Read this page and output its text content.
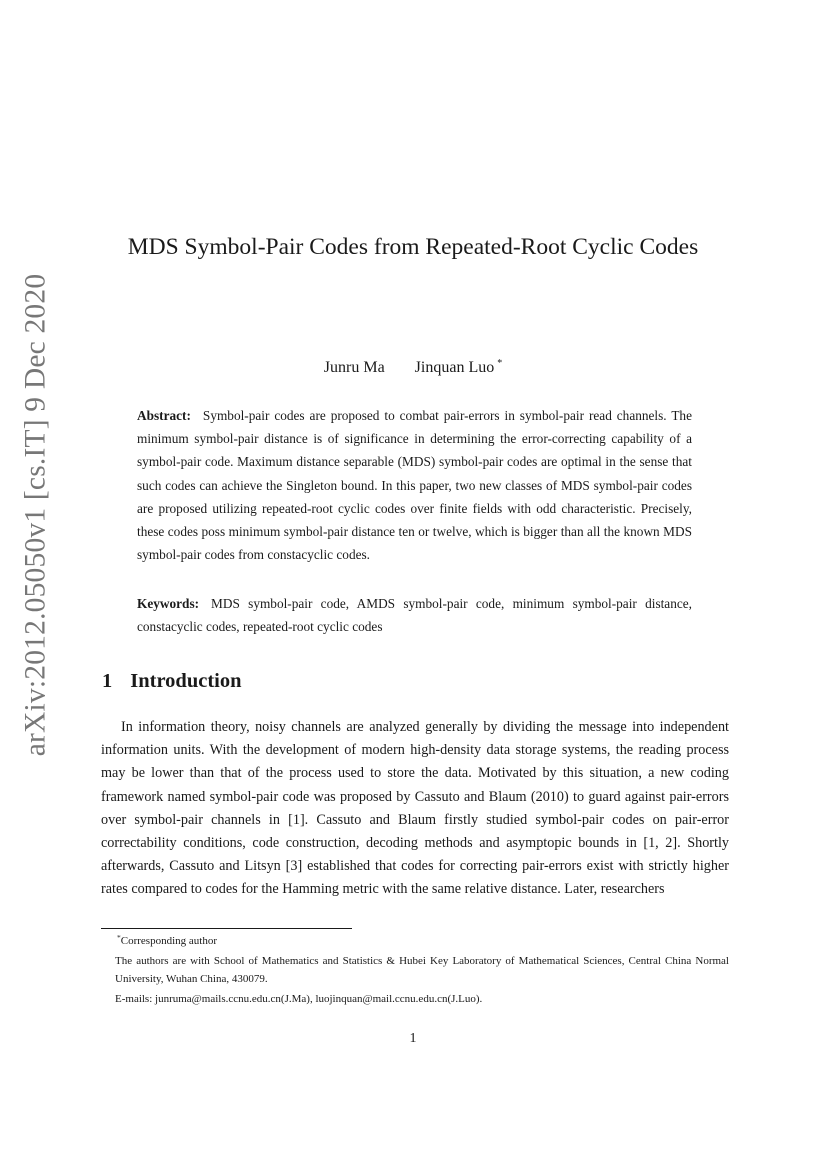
arXiv:2012.05050v1 [cs.IT] 9 Dec 2020
MDS Symbol-Pair Codes from Repeated-Root Cyclic Codes
Junru Ma Jinquan Luo *

Abstract: Symbol-pair codes are proposed to combat pair-errors in symbol-pair read channels. The minimum symbol-pair distance is of significance in determining the error-correcting capability of a symbol-pair code. Maximum distance separable (MDS) symbol-pair codes are optimal in the sense that such codes can achieve the Singleton bound. In this paper, two new classes of MDS symbol-pair codes are proposed utilizing repeated-root cyclic codes over finite fields with odd characteristic. Precisely, these codes poss minimum symbol-pair distance ten or twelve, which is bigger than all the known MDS symbol-pair codes from constacyclic codes.

Keywords: MDS symbol-pair code, AMDS symbol-pair code, minimum symbol-pair distance, constacyclic codes, repeated-root cyclic codes

1 Introduction

In information theory, noisy channels are analyzed generally by dividing the message into independent information units. With the development of modern high-density data storage systems, the reading process may be lower than that of the process used to store the data. Motivated by this situation, a new coding framework named symbol-pair code was proposed by Cassuto and Blaum (2010) to guard against pair-errors over symbol-pair channels in [1]. Cassuto and Blaum firstly studied symbol-pair codes on pair-error correctability conditions, code construction, decoding methods and asymptopic bounds in [1, 2]. Shortly afterwards, Cassuto and Litsyn [3] established that codes for correcting pair-errors exist with strictly higher rates compared to codes for the Hamming metric with the same relative distance. Later, researchers

*Corresponding author
The authors are with School of Mathematics and Statistics & Hubei Key Laboratory of Mathematical Sciences, Central China Normal University, Wuhan China, 430079.
E-mails: junruma@mails.ccnu.edu.cn(J.Ma), luojinquan@mail.ccnu.edu.cn(J.Luo).
1
